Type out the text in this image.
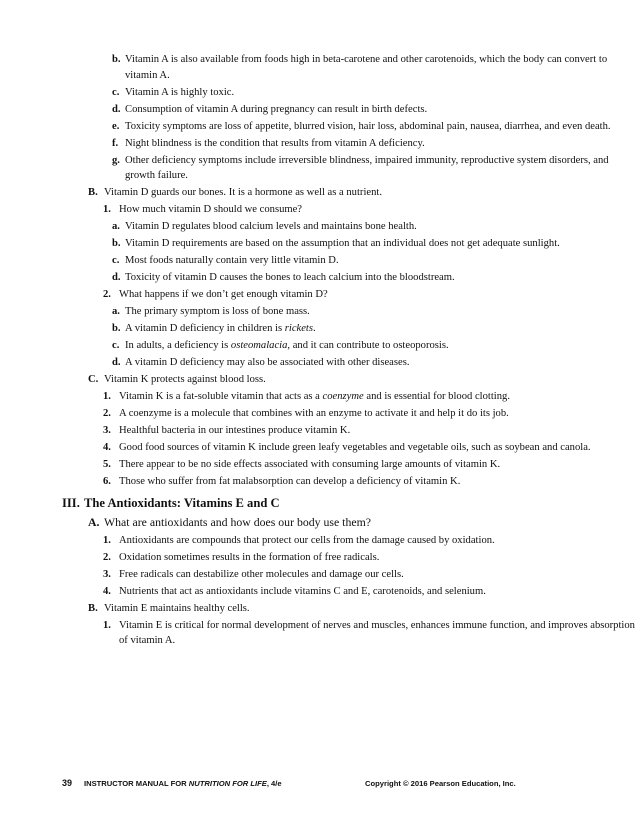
b. Vitamin A is also available from foods high in beta-carotene and other carotenoids, which the body can convert to vitamin A.
c. Vitamin A is highly toxic.
d. Consumption of vitamin A during pregnancy can result in birth defects.
e. Toxicity symptoms are loss of appetite, blurred vision, hair loss, abdominal pain, nausea, diarrhea, and even death.
f. Night blindness is the condition that results from vitamin A deficiency.
g. Other deficiency symptoms include irreversible blindness, impaired immunity, reproductive system disorders, and growth failure.
B. Vitamin D guards our bones. It is a hormone as well as a nutrient.
1. How much vitamin D should we consume?
a. Vitamin D regulates blood calcium levels and maintains bone health.
b. Vitamin D requirements are based on the assumption that an individual does not get adequate sunlight.
c. Most foods naturally contain very little vitamin D.
d. Toxicity of vitamin D causes the bones to leach calcium into the bloodstream.
2. What happens if we don’t get enough vitamin D?
a. The primary symptom is loss of bone mass.
b. A vitamin D deficiency in children is rickets.
c. In adults, a deficiency is osteomalacia, and it can contribute to osteoporosis.
d. A vitamin D deficiency may also be associated with other diseases.
C. Vitamin K protects against blood loss.
1. Vitamin K is a fat-soluble vitamin that acts as a coenzyme and is essential for blood clotting.
2. A coenzyme is a molecule that combines with an enzyme to activate it and help it do its job.
3. Healthful bacteria in our intestines produce vitamin K.
4. Good food sources of vitamin K include green leafy vegetables and vegetable oils, such as soybean and canola.
5. There appear to be no side effects associated with consuming large amounts of vitamin K.
6. Those who suffer from fat malabsorption can develop a deficiency of vitamin K.
III. The Antioxidants: Vitamins E and C
A. What are antioxidants and how does our body use them?
1. Antioxidants are compounds that protect our cells from the damage caused by oxidation.
2. Oxidation sometimes results in the formation of free radicals.
3. Free radicals can destabilize other molecules and damage our cells.
4. Nutrients that act as antioxidants include vitamins C and E, carotenoids, and selenium.
B. Vitamin E maintains healthy cells.
1. Vitamin E is critical for normal development of nerves and muscles, enhances immune function, and improves absorption of vitamin A.
39 INSTRUCTOR MANUAL FOR NUTRITION FOR LIFE, 4/e	Copyright © 2016 Pearson Education, Inc.
